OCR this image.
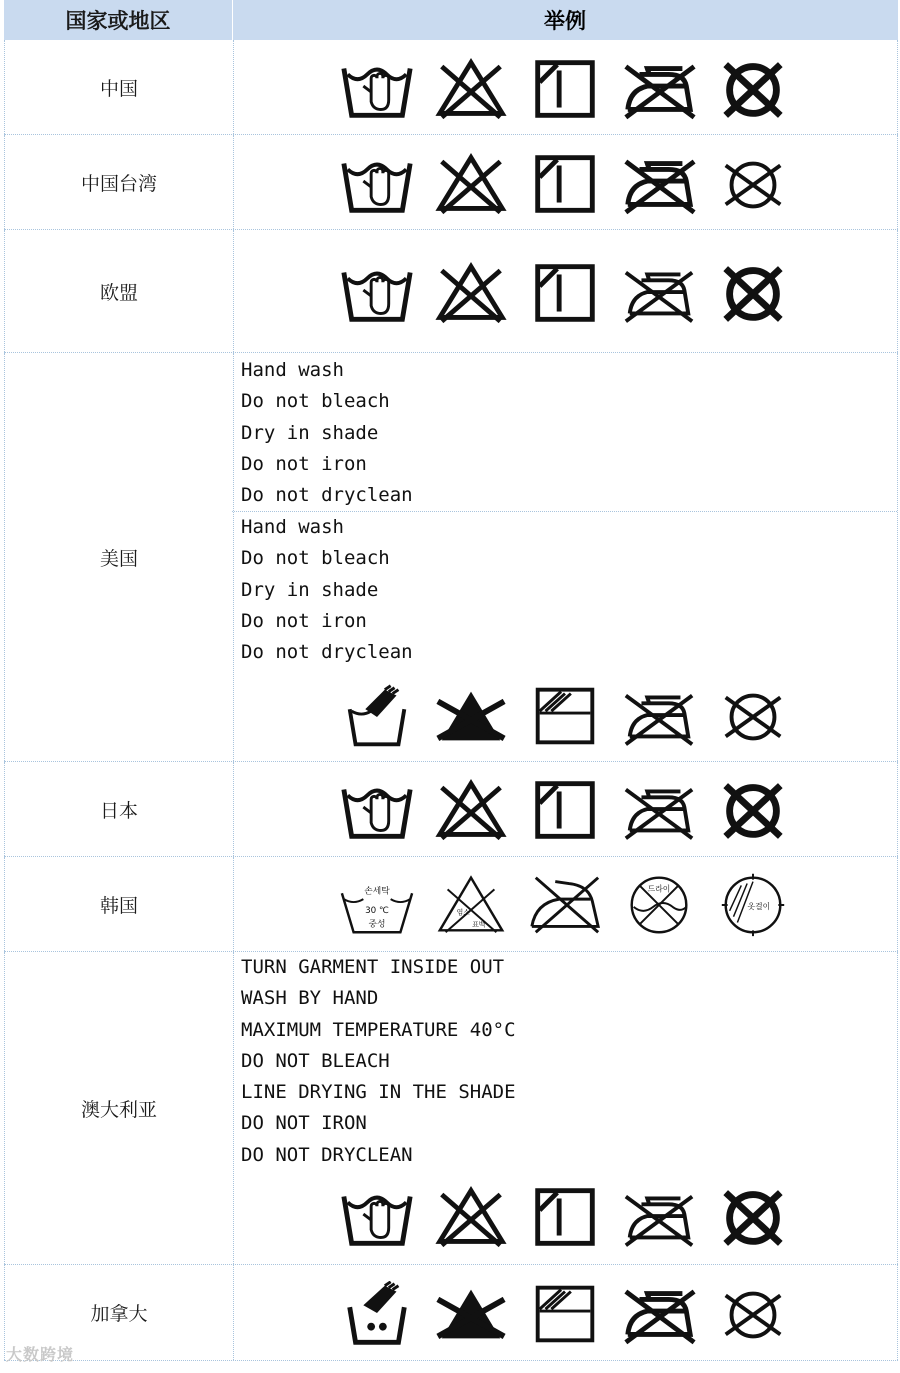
国家或地区	举例
中国
中国台湾
欧盟
美国
Hand wash
Do not bleach
Dry in shade
Do not iron
Do not dryclean
Hand wash
Do not bleach
Dry in shade
Do not iron
Do not dryclean
日本
韩国
손세탁
30 ℃
중성
염소
표백
드라이
옷걸이
澳大利亚
TURN GARMENT INSIDE OUT
WASH BY HAND
MAXIMUM TEMPERATURE 40°C
DO NOT BLEACH
LINE DRYING IN THE SHADE
DO NOT IRON
DO NOT DRYCLEAN
加拿大
大数跨境
